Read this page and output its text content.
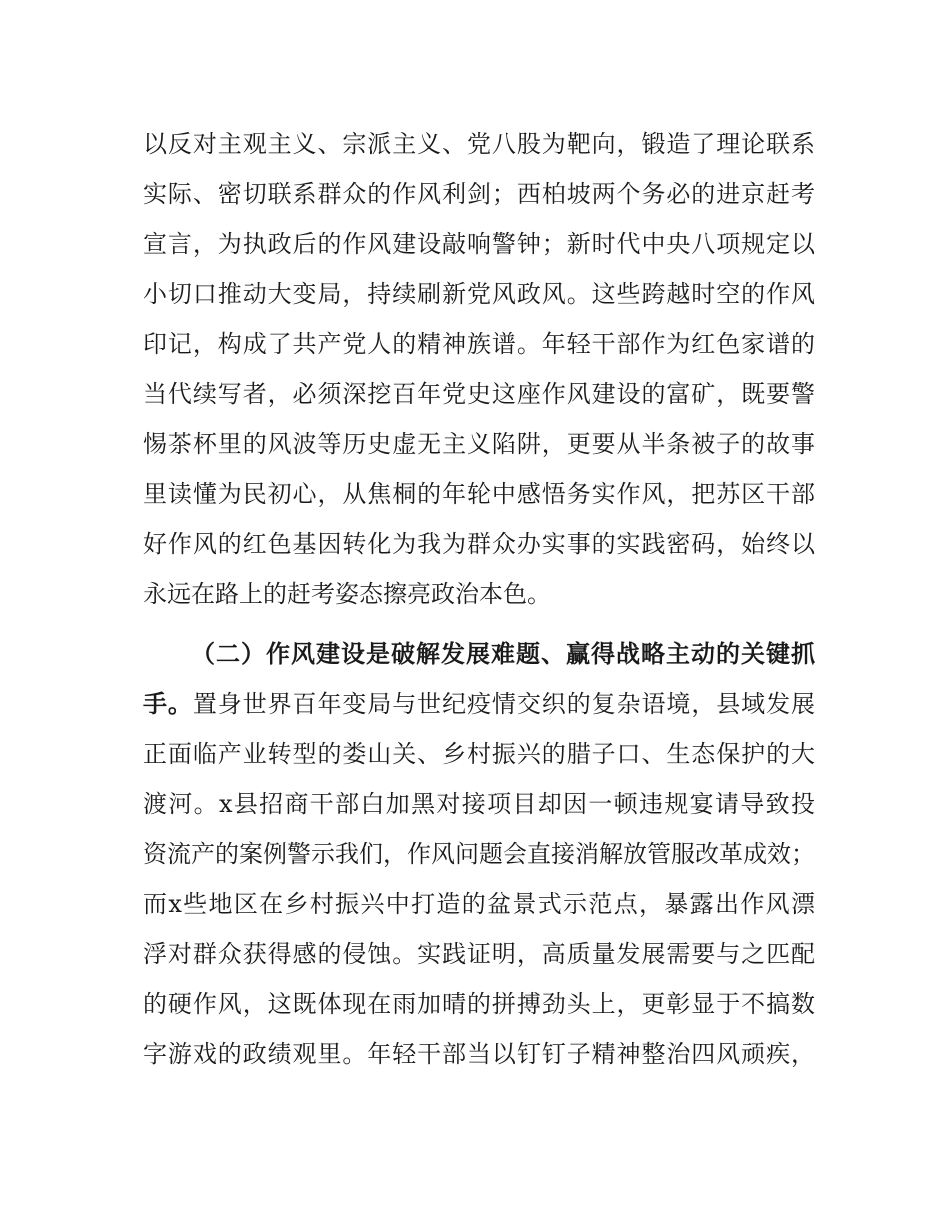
以反对主观主义、宗派主义、党八股为靶向，锻造了理论联系
实际、密切联系群众的作风利剑；西柏坡两个务必的进京赶考
宣言，为执政后的作风建设敲响警钟；新时代中央八项规定以
小切口推动大变局，持续刷新党风政风。这些跨越时空的作风
印记，构成了共产党人的精神族谱。年轻干部作为红色家谱的
当代续写者，必须深挖百年党史这座作风建设的富矿，既要警
惕茶杯里的风波等历史虚无主义陷阱，更要从半条被子的故事
里读懂为民初心，从焦桐的年轮中感悟务实作风，把苏区干部
好作风的红色基因转化为我为群众办实事的实践密码，始终以
永远在路上的赶考姿态擦亮政治本色。
（二）作风建设是破解发展难题、赢得战略主动的关键抓
手。置身世界百年变局与世纪疫情交织的复杂语境，县域发展
正面临产业转型的娄山关、乡村振兴的腊子口、生态保护的大
渡河。x县招商干部白加黑对接项目却因一顿违规宴请导致投
资流产的案例警示我们，作风问题会直接消解放管服改革成效；
而x些地区在乡村振兴中打造的盆景式示范点，暴露出作风漂
浮对群众获得感的侵蚀。实践证明，高质量发展需要与之匹配
的硬作风，这既体现在雨加晴的拼搏劲头上，更彰显于不搞数
字游戏的政绩观里。年轻干部当以钉钉子精神整治四风顽疾，
